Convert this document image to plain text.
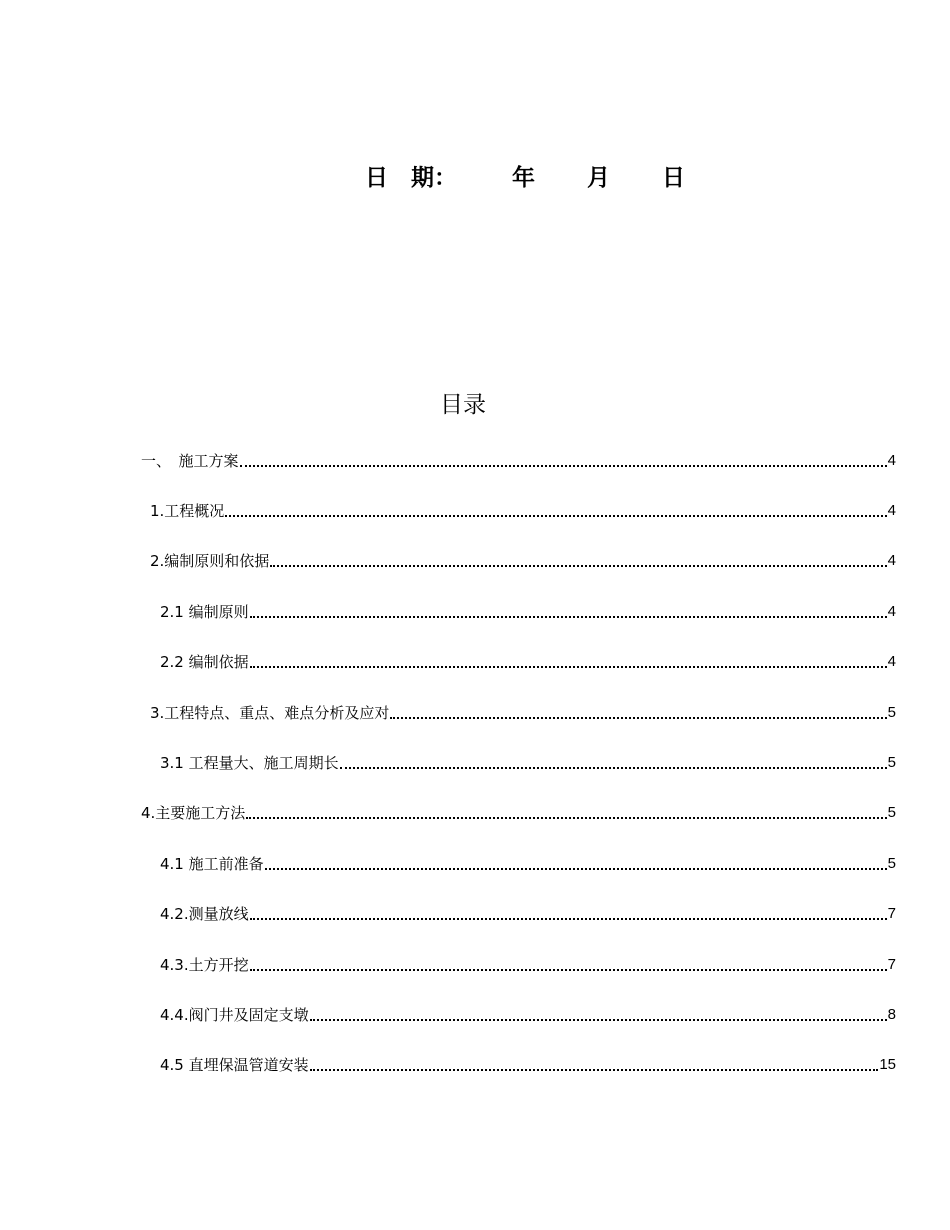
日　期： 年 月 日
目录
一、　施工方案	4
1.工程概况	4
2.编制原则和依据	4
2.1 编制原则	4
2.2 编制依据	4
3.工程特点、重点、难点分析及应对	5
3.1 工程量大、施工周期长	5
4.主要施工方法	5
4.1 施工前准备	5
4.2.测量放线	7
4.3.土方开挖	7
4.4.阀门井及固定支墩	8
4.5 直埋保温管道安装	15
